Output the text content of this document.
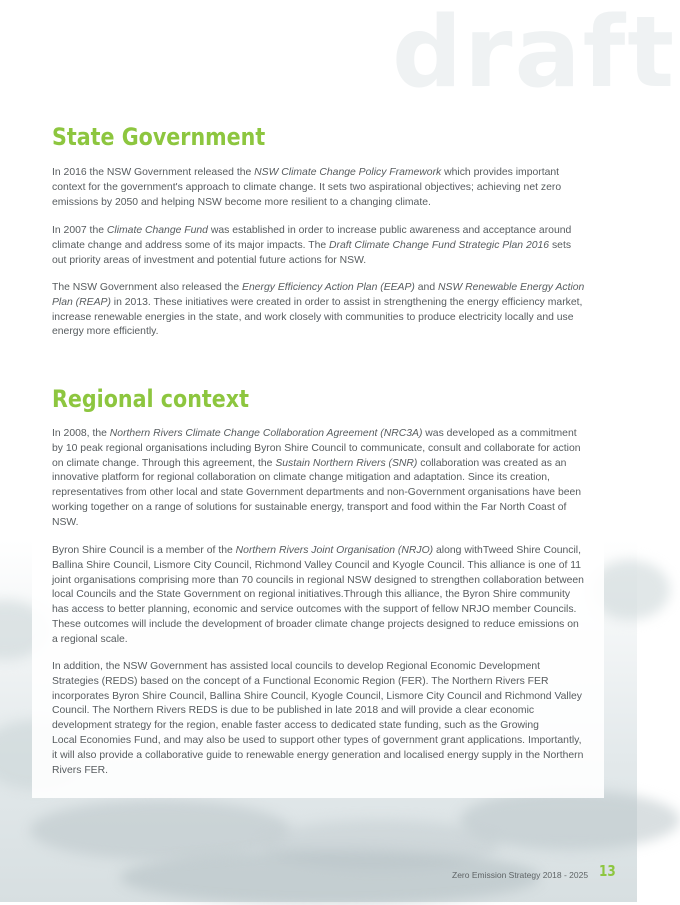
draft
State Government

In 2016 the NSW Government released the NSW Climate Change Policy Framework which provides important context for the government's approach to climate change. It sets two aspirational objectives; achieving net zero emissions by 2050 and helping NSW become more resilient to a changing climate.

In 2007 the Climate Change Fund was established in order to increase public awareness and acceptance around climate change and address some of its major impacts. The Draft Climate Change Fund Strategic Plan 2016 sets out priority areas of investment and potential future actions for NSW.

The NSW Government also released the Energy Efficiency Action Plan (EEAP) and NSW Renewable Energy Action Plan (REAP) in 2013. These initiatives were created in order to assist in strengthening the energy efficiency market, increase renewable energies in the state, and work closely with communities to produce electricity locally and use energy more efficiently.

Regional context

In 2008, the Northern Rivers Climate Change Collaboration Agreement (NRC3A) was developed as a commitment by 10 peak regional organisations including Byron Shire Council to communicate, consult and collaborate for action on climate change. Through this agreement, the Sustain Northern Rivers (SNR) collaboration was created as an innovative platform for regional collaboration on climate change mitigation and adaptation. Since its creation, representatives from other local and state Government departments and non-Government organisations have been working together on a range of solutions for sustainable energy, transport and food within the Far North Coast of NSW.

Byron Shire Council is a member of the Northern Rivers Joint Organisation (NRJO) along withTweed Shire Council, Ballina Shire Council, Lismore City Council, Richmond Valley Council and Kyogle Council. This alliance is one of 11 joint organisations comprising more than 70 councils in regional NSW designed to strengthen collaboration between local Councils and the State Government on regional initiatives.Through this alliance, the Byron Shire community has access to better planning, economic and service outcomes with the support of fellow NRJO member Councils. These outcomes will include the development of broader climate change projects designed to reduce emissions on a regional scale.

In addition, the NSW Government has assisted local councils to develop Regional Economic Development Strategies (REDS) based on the concept of a Functional Economic Region (FER). The Northern Rivers FER incorporates Byron Shire Council, Ballina Shire Council, Kyogle Council, Lismore City Council and Richmond Valley Council. The Northern Rivers REDS is due to be published in late 2018 and will provide a clear economic development strategy for the region, enable faster access to dedicated state funding, such as the Growing
Local Economies Fund, and may also be used to support other types of government grant applications. Importantly, it will also provide a collaborative guide to renewable energy generation and localised energy supply in the Northern Rivers FER.

Zero Emission Strategy 2018 - 2025 13
